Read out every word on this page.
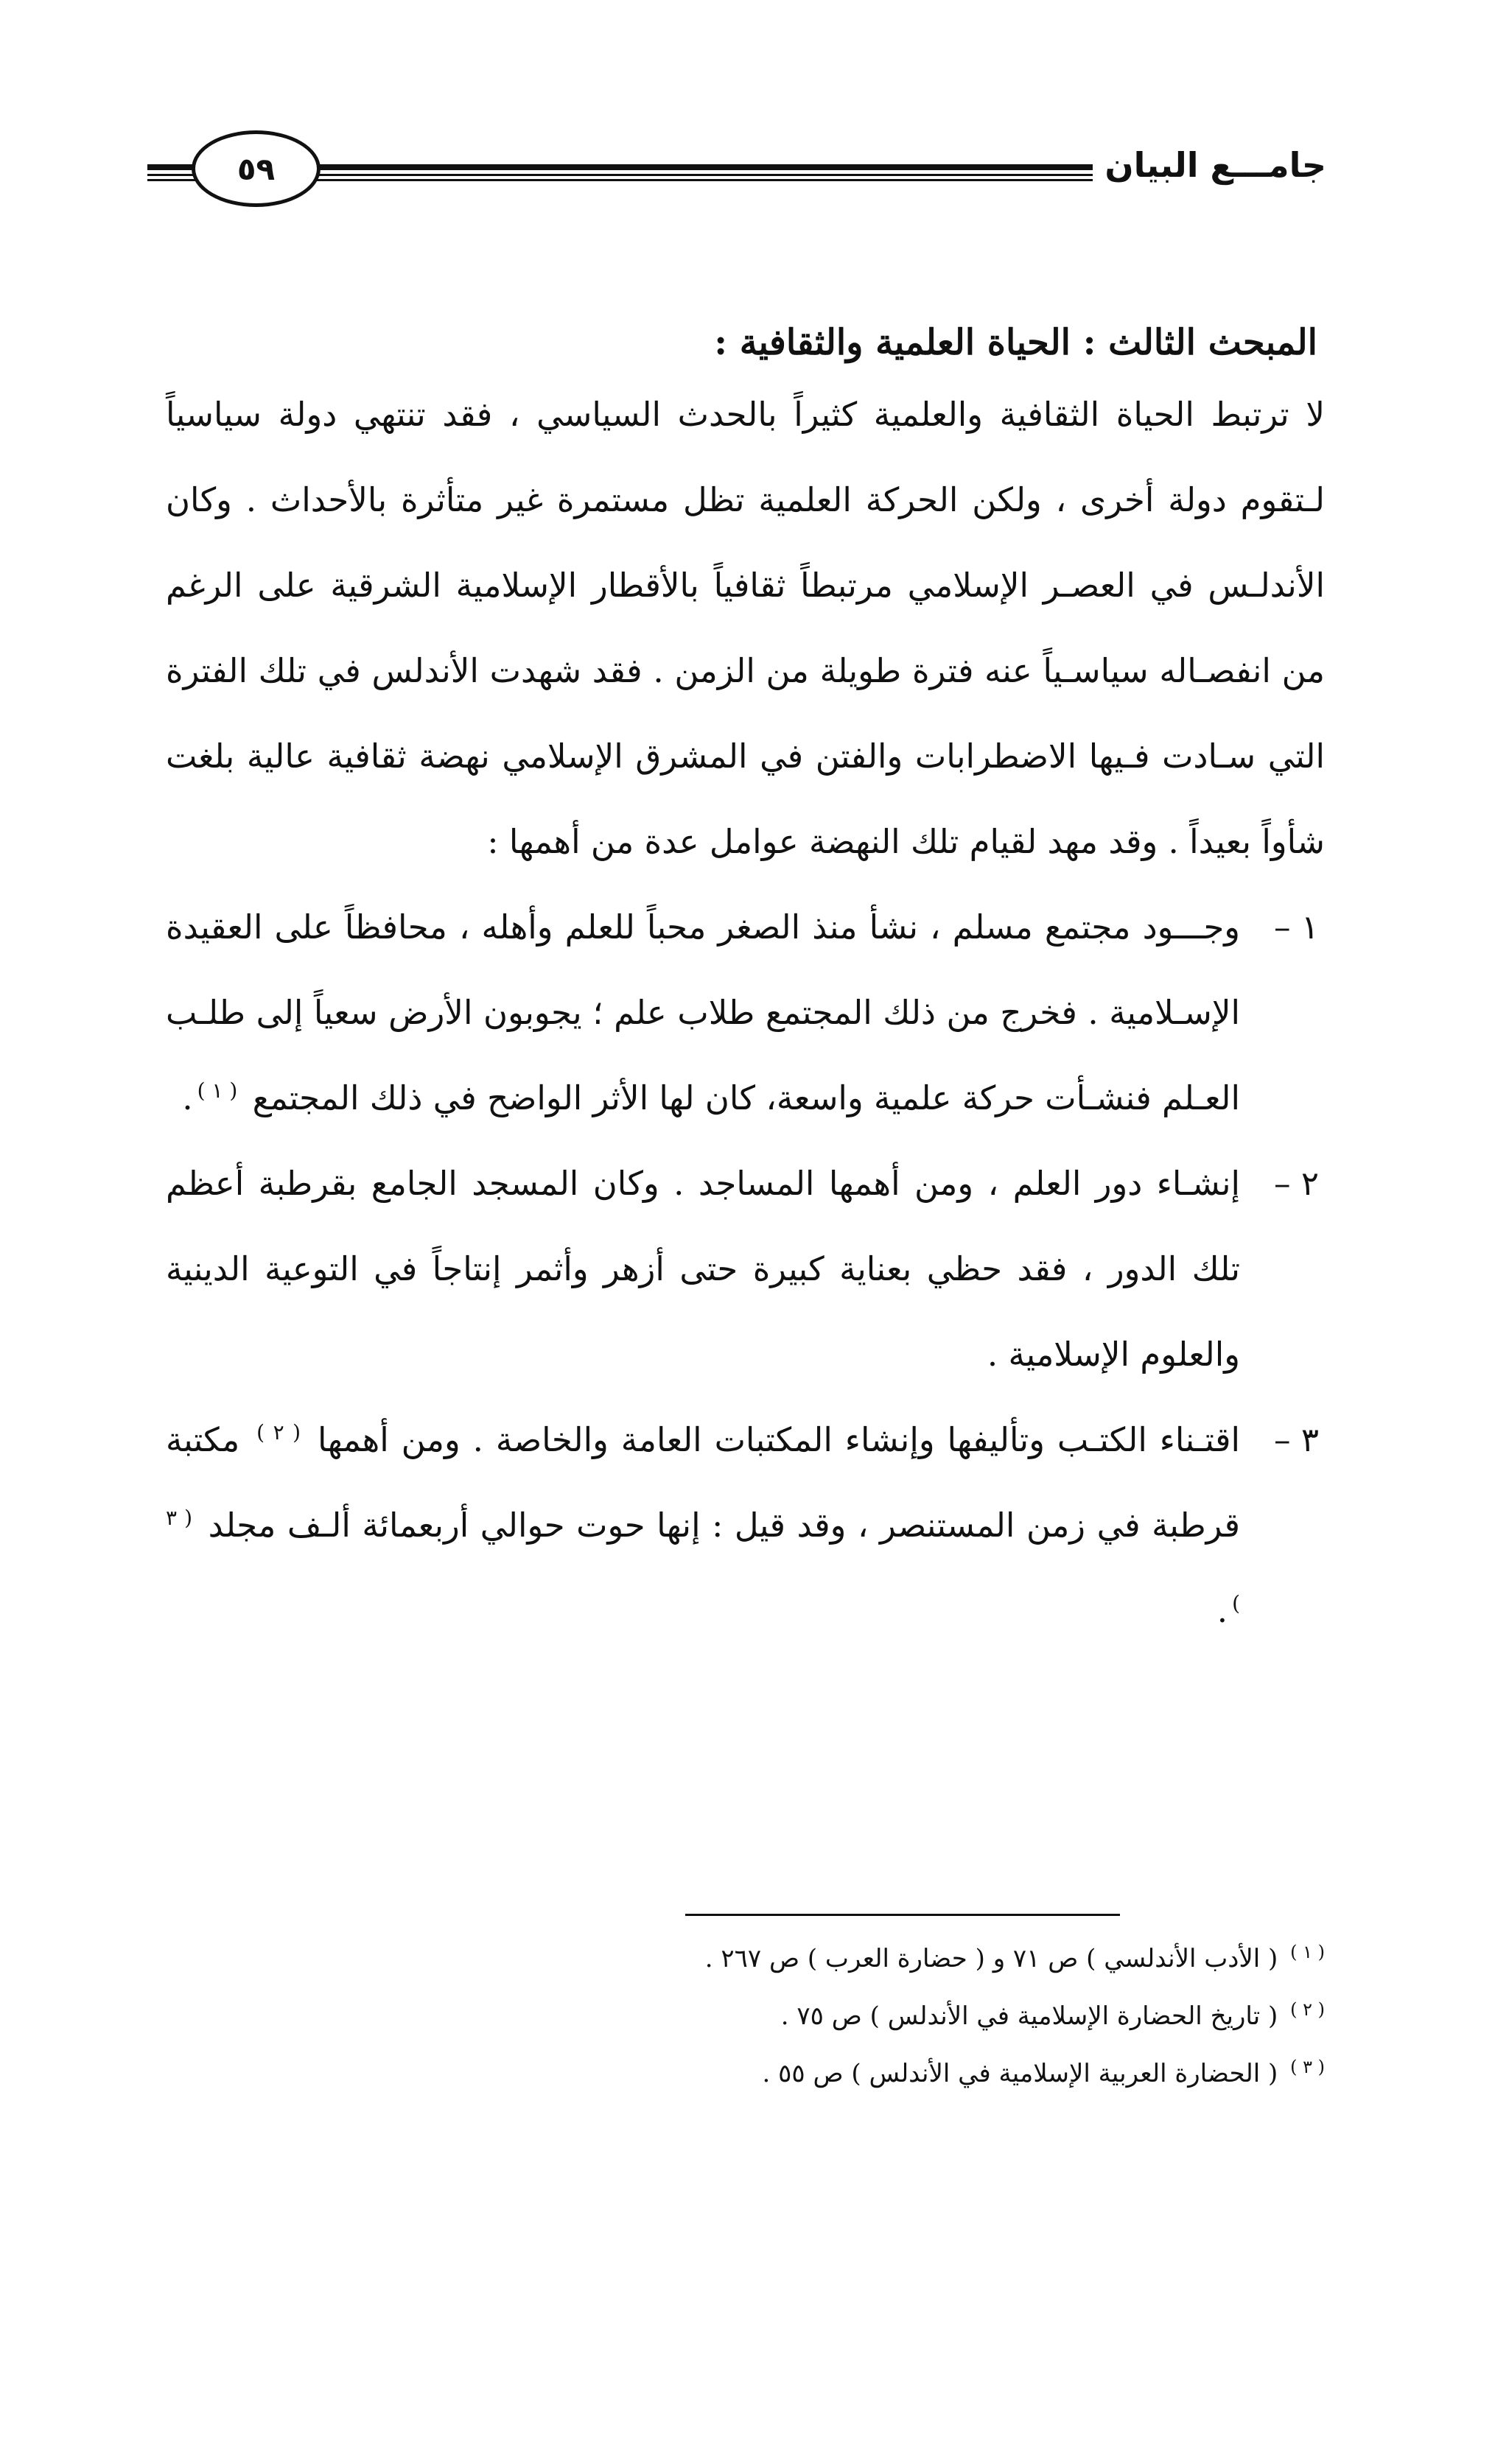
٥٩	جامـــع البيان
المبحث الثالث : الحياة العلمية والثقافية :

لا ترتبط الحياة الثقافية والعلمية كثيراً بالحدث السياسي ، فقد تنتهي دولة سياسياً لـتقوم دولة أخرى ، ولكن الحركة العلمية تظل مستمرة غير متأثرة بالأحداث . وكان الأندلـس في العصـر الإسلامي مرتبطاً ثقافياً بالأقطار الإسلامية الشرقية على الرغم من انفصـاله سياسـياً عنه فترة طويلة من الزمن . فقد شهدت الأندلس في تلك الفترة التي سـادت فـيها الاضطرابات والفتن في المشرق الإسلامي نهضة ثقافية عالية بلغت شأواً بعيداً . وقد مهد لقيام تلك النهضة عوامل عدة من أهمها :

١ –
وجـــود مجتمع مسلم ، نشأ منذ الصغر محباً للعلم وأهله ، محافظاً على العقيدة الإسـلامية . فخرج من ذلك المجتمع طلاب علم ؛ يجوبون الأرض سعياً إلى طلـب العـلم فنشـأت حركة علمية واسعة، كان لها الأثر الواضح في ذلك المجتمع $^{( ١ )}$.
٢ –
إنشـاء دور العلم ، ومن أهمها المساجد . وكان المسجد الجامع بقرطبة أعظم تلك الدور ، فقد حظي بعناية كبيرة حتى أزهر وأثمر إنتاجاً في التوعية الدينية والعلوم الإسلامية .
٣ –
اقتـناء الكتـب وتأليفها وإنشاء المكتبات العامة والخاصة . ومن أهمها $^{( ٢ )}$ مكتبة قرطبة في زمن المستنصر ، وقد قيل : إنها حوت حوالي أربعمائة ألـف مجلد $^{( ٣ )}$.
$^{( ١ )}$ ( الأدب الأندلسي ) ص ٧١ و ( حضارة العرب ) ص ٢٦٧ .
$^{( ٢ )}$ ( تاريخ الحضارة الإسلامية في الأندلس ) ص ٧٥ .
$^{( ٣ )}$ ( الحضارة العربية الإسلامية في الأندلس ) ص ٥٥ .
